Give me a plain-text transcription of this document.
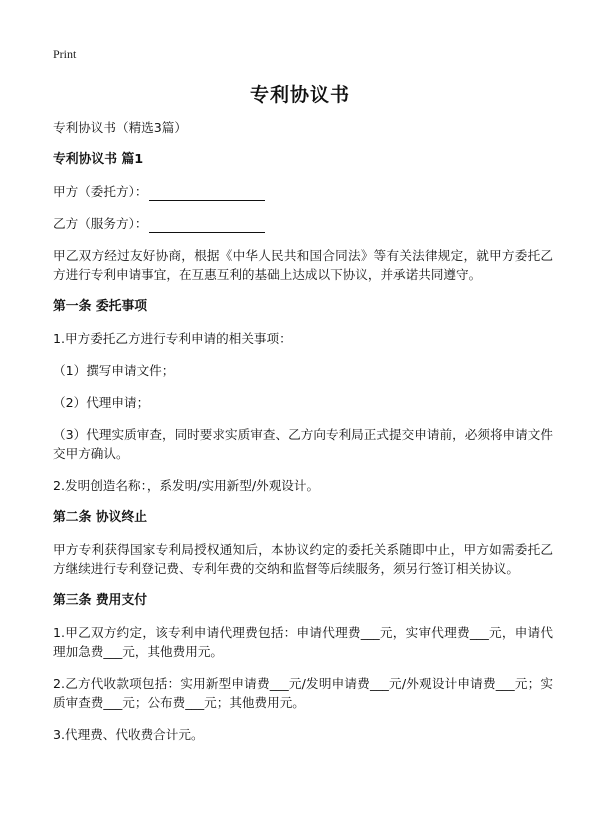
Print
专利协议书

专利协议书（精选3篇）

专利协议书 篇1

甲方（委托方）：

乙方（服务方）：

甲乙双方经过友好协商，根据《中华人民共和国合同法》等有关法律规定，就甲方委托乙方进行专利申请事宜，在互惠互利的基础上达成以下协议，并承诺共同遵守。

第一条 委托事项

1.甲方委托乙方进行专利申请的相关事项：

（1）撰写申请文件；

（2）代理申请；

（3）代理实质审查，同时要求实质审查、乙方向专利局正式提交申请前，必须将申请文件交甲方确认。

2.发明创造名称：，系发明/实用新型/外观设计。

第二条 协议终止

甲方专利获得国家专利局授权通知后，本协议约定的委托关系随即中止，甲方如需委托乙方继续进行专利登记费、专利年费的交纳和监督等后续服务，须另行签订相关协议。

第三条 费用支付

1.甲乙双方约定，该专利申请代理费包括：申请代理费___元，实审代理费___元，申请代理加急费___元，其他费用元。

2.乙方代收款项包括：实用新型申请费___元/发明申请费___元/外观设计申请费___元；实质审查费___元；公布费___元；其他费用元。

3.代理费、代收费合计元。
